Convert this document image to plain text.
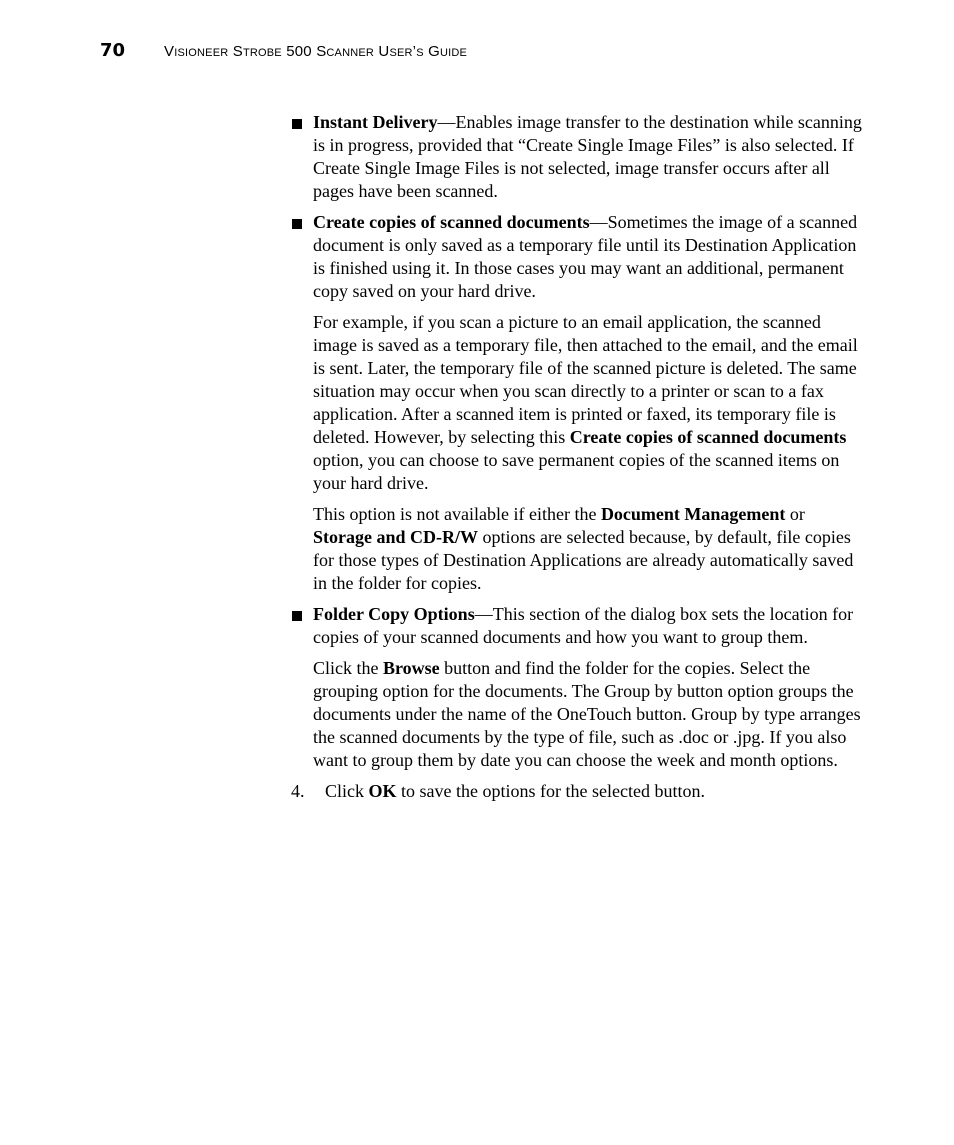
70	Visioneer Strobe 500 Scanner User’s Guide

Instant Delivery—Enables image transfer to the destination while scanning is in progress, provided that “Create Single Image Files” is also selected. If Create Single Image Files is not selected, image transfer occurs after all pages have been scanned.

Create copies of scanned documents—Sometimes the image of a scanned document is only saved as a temporary file until its Destination Application is finished using it. In those cases you may want an additional, permanent copy saved on your hard drive.

For example, if you scan a picture to an email application, the scanned image is saved as a temporary file, then attached to the email, and the email is sent. Later, the temporary file of the scanned picture is deleted. The same situation may occur when you scan directly to a printer or scan to a fax application. After a scanned item is printed or faxed, its temporary file is deleted. However, by selecting this Create copies of scanned documents option, you can choose to save permanent copies of the scanned items on your hard drive.

This option is not available if either the Document Management or Storage and CD-R/W options are selected because, by default, file copies for those types of Destination Applications are already automatically saved in the folder for copies.

Folder Copy Options—This section of the dialog box sets the location for copies of your scanned documents and how you want to group them.

Click the Browse button and find the folder for the copies. Select the grouping option for the documents. The Group by button option groups the documents under the name of the OneTouch button. Group by type arranges the scanned documents by the type of file, such as .doc or .jpg. If you also want to group them by date you can choose the week and month options.

4. Click OK to save the options for the selected button.
